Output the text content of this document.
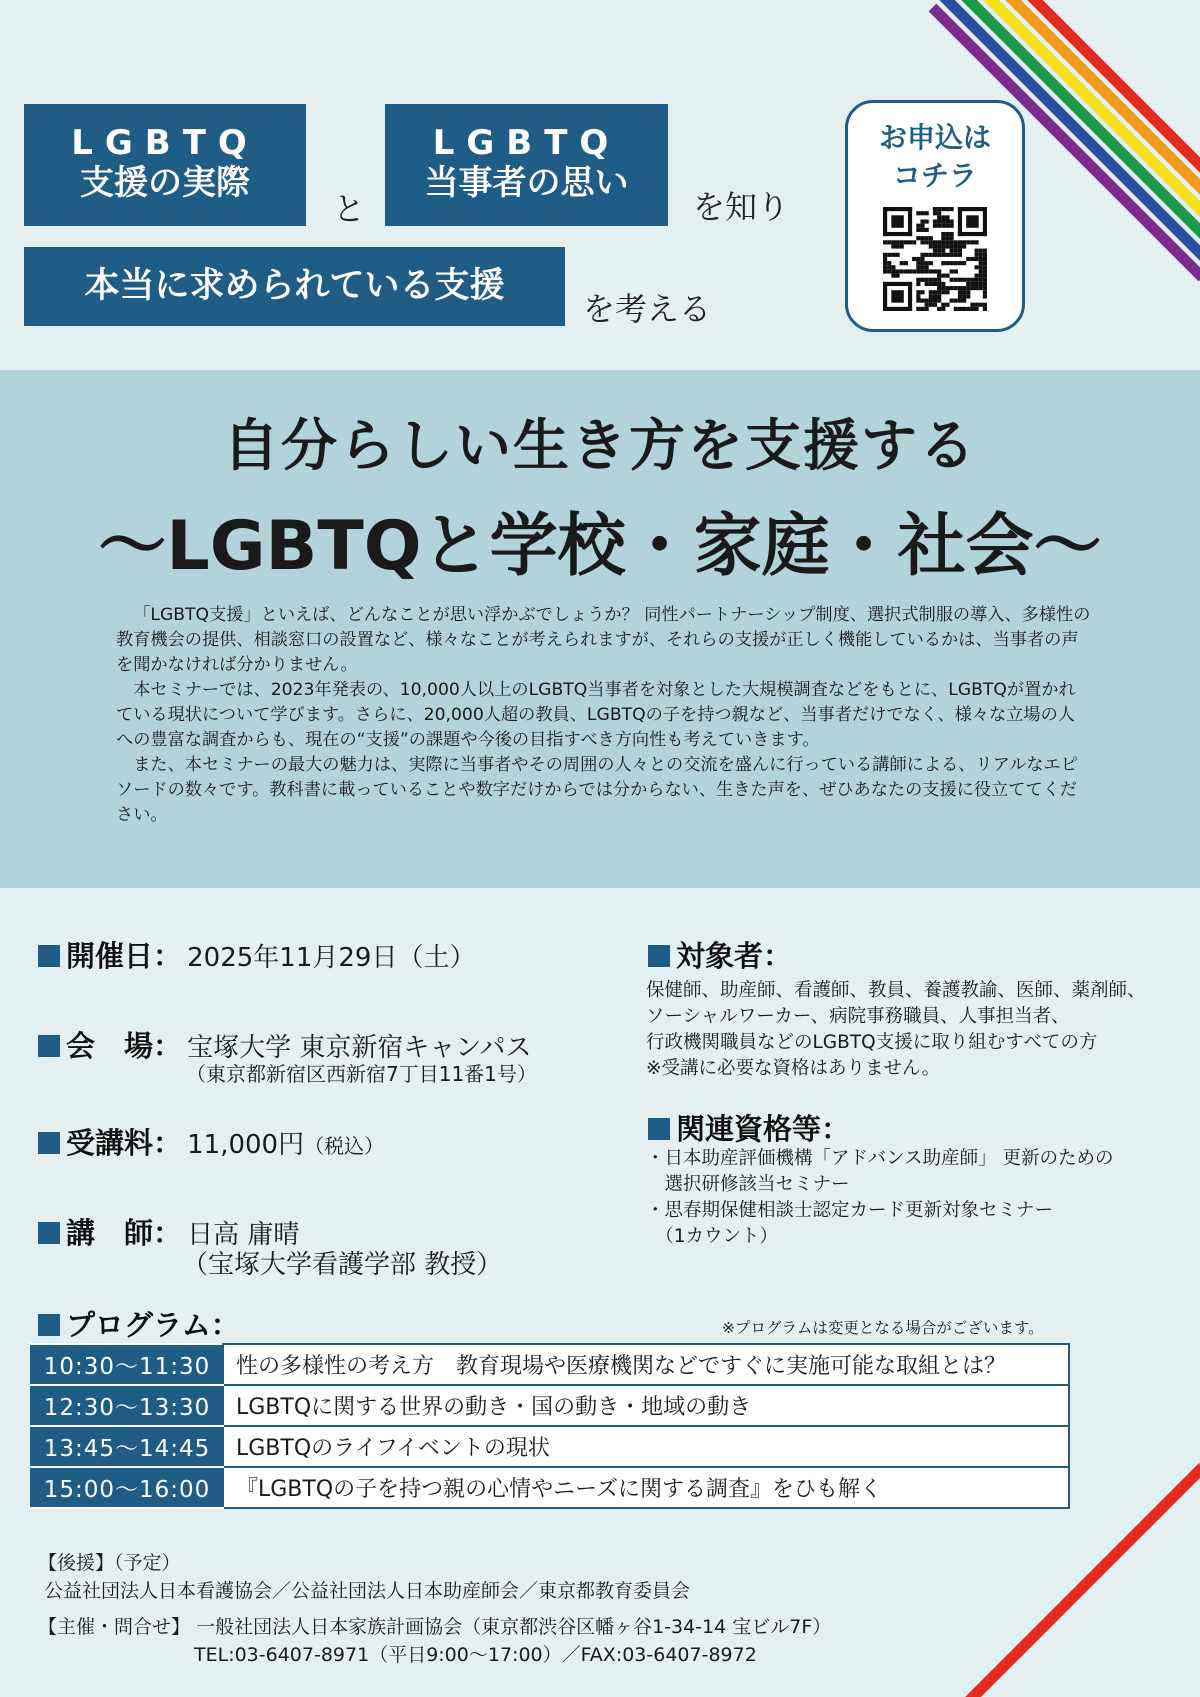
LGBTQ
支援の実際
と
LGBTQ
当事者の思い
を知り
本当に求められている支援
を考える
お申込は
コチラ
自分らしい生き方を支援する
〜LGBTQと学校・家庭・社会〜

「LGBTQ支援」といえば、どんなことが思い浮かぶでしょうか？ 同性パートナーシップ制度、選択式制服の導入、多様性の教育機会の提供、相談窓口の設置など、様々なことが考えられますが、それらの支援が正しく機能しているかは、当事者の声を聞かなければ分かりません。

本セミナーでは、2023年発表の、10,000人以上のLGBTQ当事者を対象とした大規模調査などをもとに、LGBTQが置かれている現状について学びます。さらに、20,000人超の教員、LGBTQの子を持つ親など、当事者だけでなく、様々な立場の人への豊富な調査からも、現在の“支援”の課題や今後の目指すべき方向性も考えていきます。

また、本セミナーの最大の魅力は、実際に当事者やその周囲の人々との交流を盛んに行っている講師による、リアルなエピソードの数々です。教科書に載っていることや数字だけからでは分からない、生きた声を、ぜひあなたの支援に役立ててください。

開催日： 2025年11月29日（土）
会　場： 宝塚大学 東京新宿キャンパス
（東京都新宿区西新宿7丁目11番1号）
受講料： 11,000円（税込）
講　師： 日高 庸晴
（宝塚大学看護学部 教授）
対象者：
保健師、助産師、看護師、教員、養護教諭、医師、薬剤師、
ソーシャルワーカー、病院事務職員、人事担当者、
行政機関職員などのLGBTQ支援に取り組むすべての方
※受講に必要な資格はありません。
関連資格等：
・日本助産評価機構「アドバンス助産師」 更新のための
　選択研修該当セミナー
・思春期保健相談士認定カード更新対象セミナー
　（1カウント）
プログラム：	※プログラムは変更となる場合がございます。
10:30〜11:30	性の多様性の考え方　教育現場や医療機関などですぐに実施可能な取組とは？
12:30〜13:30	LGBTQに関する世界の動き・国の動き・地域の動き
13:45〜14:45	LGBTQのライフイベントの現状
15:00〜16:00	『LGBTQの子を持つ親の心情やニーズに関する調査』をひも解く
【後援】（予定）
公益社団法人日本看護協会／公益社団法人日本助産師会／東京都教育委員会
【主催・問合せ】 一般社団法人日本家族計画協会（東京都渋谷区幡ヶ谷1-34-14 宝ビル7F）
TEL:03-6407-8971（平日9:00〜17:00）／FAX:03-6407-8972
